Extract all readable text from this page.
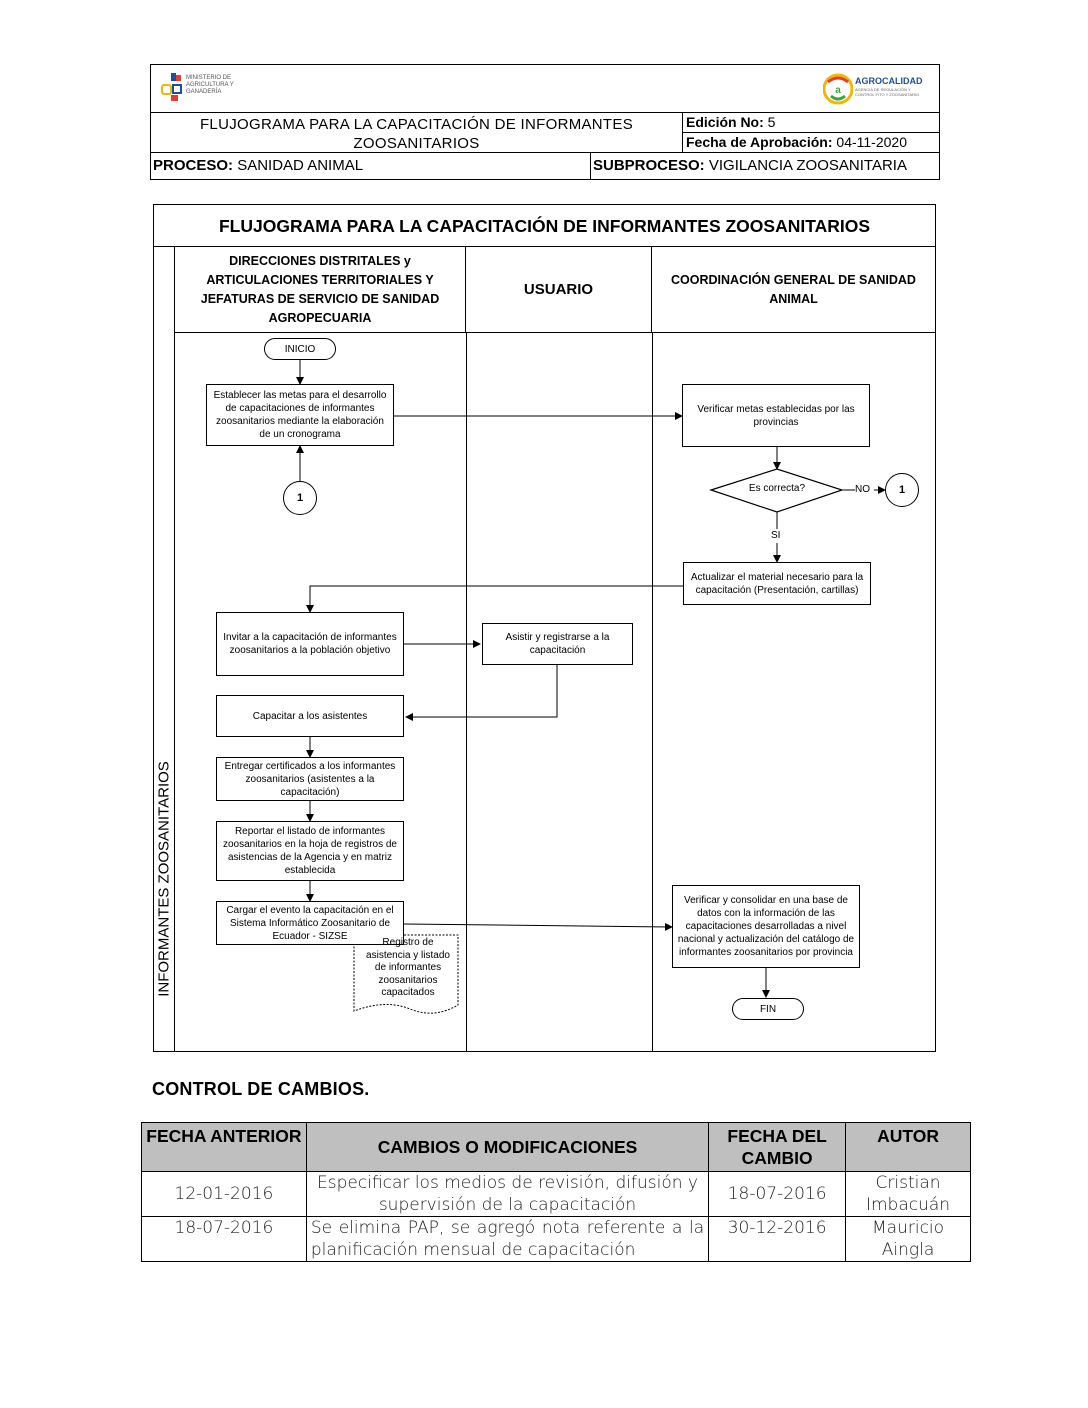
MINISTERIO DE AGRICULTURA Y GANADERÍA	a
AGROCALIDAD
AGENCIA DE REGULACIÓN Y CONTROL FITO Y ZOOSANITARIO
FLUJOGRAMA PARA LA CAPACITACIÓN DE INFORMANTES ZOOSANITARIOS
Edición No: 5
Fecha de Aprobación: 04-11-2020
PROCESO: SANIDAD ANIMAL	SUBPROCESO: VIGILANCIA ZOOSANITARIA
FLUJOGRAMA PARA LA CAPACITACIÓN DE INFORMANTES ZOOSANITARIOS
INFORMANTES ZOOSANITARIOS
DIRECCIONES DISTRITALES y ARTICULACIONES TERRITORIALES Y JEFATURAS DE SERVICIO DE SANIDAD AGROPECUARIA
USUARIO
COORDINACIÓN GENERAL DE SANIDAD ANIMAL
INICIO
Establecer las metas para el desarrollo de capacitaciones de informantes zoosanitarios mediante la elaboración de un cronograma
1
Verificar metas establecidas por las provincias
Es correcta?	NO
SI
1
Actualizar el material necesario para la capacitación (Presentación, cartillas)
Invitar a la capacitación de informantes zoosanitarios a la población objetivo
Asistir y registrarse a la capacitación
Capacitar a los asistentes
Entregar certificados a los informantes zoosanitarios (asistentes a la capacitación)
Reportar el listado de informantes zoosanitarios en la hoja de registros de asistencias de la Agencia y en matriz establecida
Cargar el evento la capacitación en el Sistema Informático Zoosanitario de Ecuador - SIZSE
Registro de asistencia y listado de informantes zoosanitarios capacitados
Verificar y consolidar en una base de datos con la información de las capacitaciones desarrolladas a nivel nacional y actualización del catálogo de informantes zoosanitarios por provincia
FIN
CONTROL DE CAMBIOS.
FECHA ANTERIOR	CAMBIOS O MODIFICACIONES	FECHA DEL CAMBIO	AUTOR
12-01-2016	Especificar los medios de revisión, difusión y supervisión de la capacitación	18-07-2016	Cristian Imbacuán
18-07-2016	Se elimina PAP, se agregó nota referente a la planificación mensual de capacitación	30-12-2016	Mauricio Aingla
